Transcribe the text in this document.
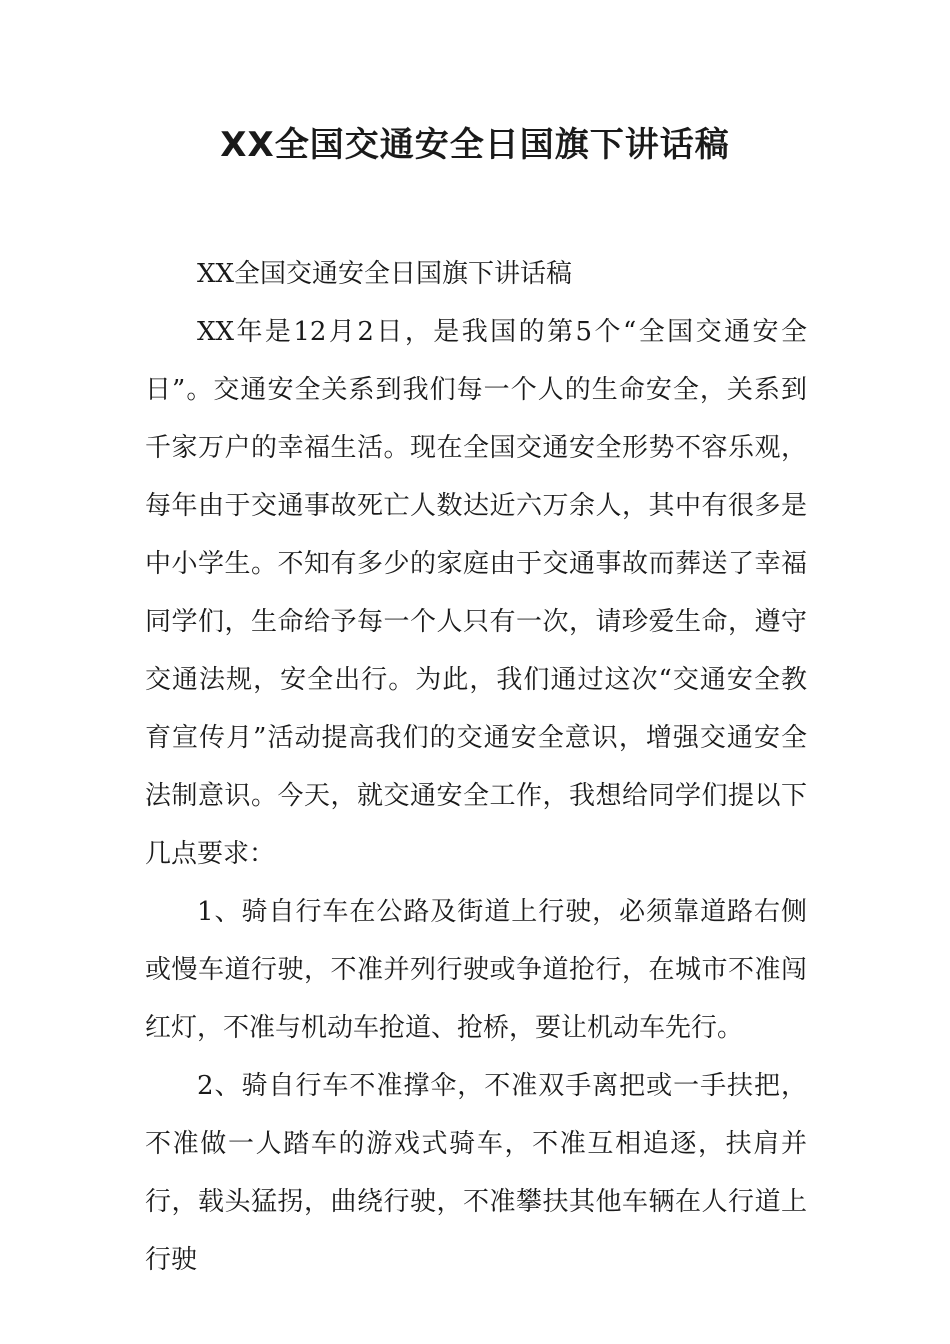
XX全国交通安全日国旗下讲话稿

XX全国交通安全日国旗下讲话稿

XX年是12月2日，是我国的第5个“全国交通安全日”。交通安全关系到我们每一个人的生命安全，关系到千家万户的幸福生活。现在全国交通安全形势不容乐观，每年由于交通事故死亡人数达近六万余人，其中有很多是中小学生。不知有多少的家庭由于交通事故而葬送了幸福同学们，生命给予每一个人只有一次，请珍爱生命，遵守交通法规，安全出行。为此，我们通过这次“交通安全教育宣传月”活动提高我们的交通安全意识，增强交通安全法制意识。今天，就交通安全工作，我想给同学们提以下几点要求：

1、骑自行车在公路及街道上行驶，必须靠道路右侧或慢车道行驶，不准并列行驶或争道抢行，在城市不准闯红灯，不准与机动车抢道、抢桥，要让机动车先行。

2、骑自行车不准撑伞，不准双手离把或一手扶把，不准做一人踏车的游戏式骑车，不准互相追逐，扶肩并行，载头猛拐，曲绕行驶，不准攀扶其他车辆在人行道上行驶
